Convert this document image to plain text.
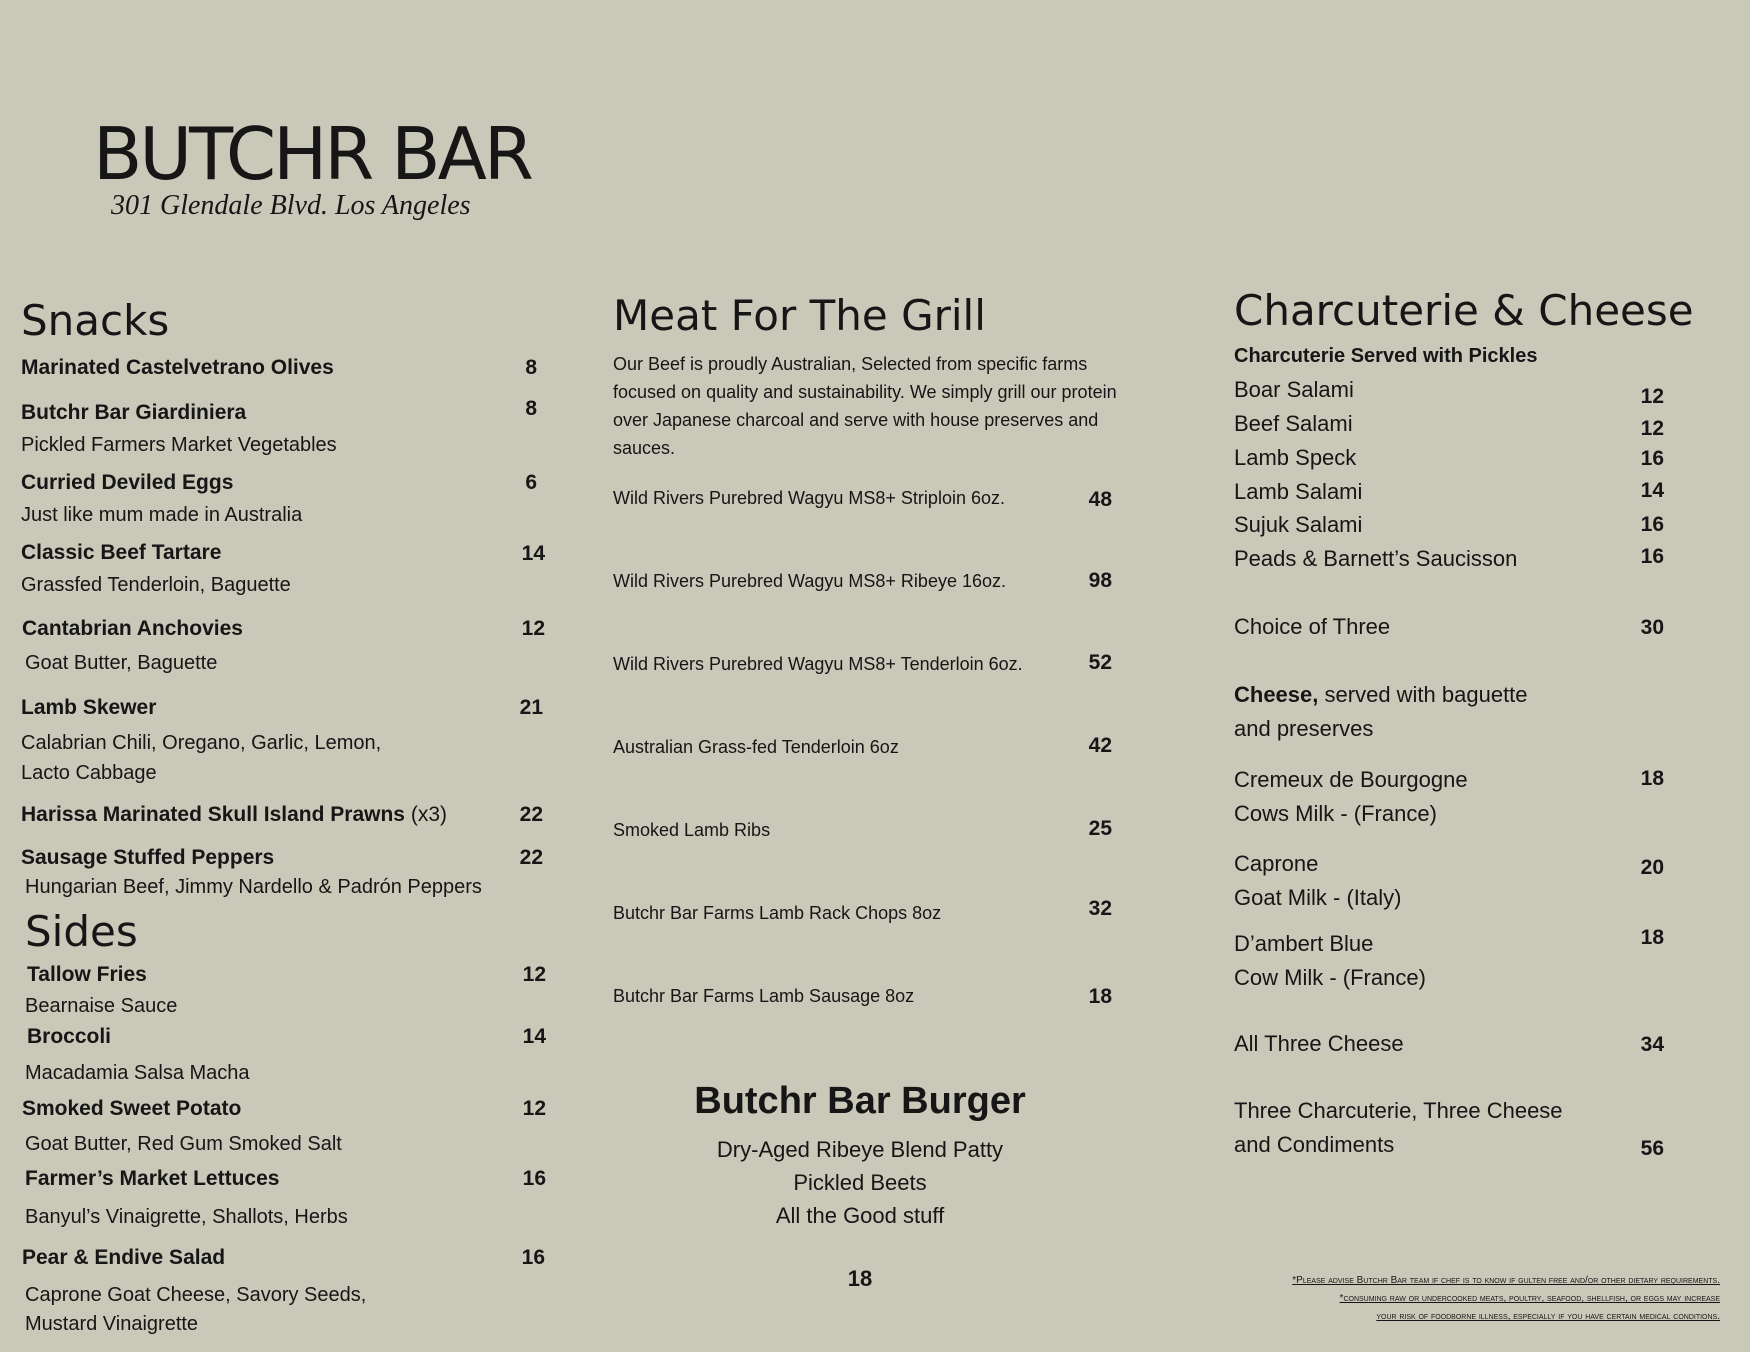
BUTCHR BAR
301 Glendale Blvd. Los Angeles
Snacks
Marinated Castelvetrano Olives	8
Butchr Bar Giardiniera	8
Pickled Farmers Market Vegetables
Curried Deviled Eggs	6
Just like mum made in Australia
Classic Beef Tartare	14
Grassfed Tenderloin, Baguette
Cantabrian Anchovies	12
Goat Butter, Baguette
Lamb Skewer	21
Calabrian Chili, Oregano, Garlic, Lemon,
Lacto Cabbage
Harissa Marinated Skull Island Prawns (x3)	22
Sausage Stuffed Peppers	22
Hungarian Beef, Jimmy Nardello & Padrón Peppers
Sides
Tallow Fries	12
Bearnaise Sauce
Broccoli	14
Macadamia Salsa Macha
Smoked Sweet Potato	12
Goat Butter, Red Gum Smoked Salt
Farmer’s Market Lettuces	16
Banyul’s Vinaigrette, Shallots, Herbs
Pear & Endive Salad	16
Caprone Goat Cheese, Savory Seeds,
Mustard Vinaigrette
Meat For The Grill
Our Beef is proudly Australian, Selected from specific farms focused on quality and sustainability. We simply grill our protein over Japanese charcoal and serve with house preserves and sauces.
Wild Rivers Purebred Wagyu MS8+ Striploin 6oz.	48
Wild Rivers Purebred Wagyu MS8+ Ribeye 16oz.	98
Wild Rivers Purebred Wagyu MS8+ Tenderloin 6oz.	52
Australian Grass-fed Tenderloin 6oz	42
Smoked Lamb Ribs	25
Butchr Bar Farms Lamb Rack Chops 8oz	32
Butchr Bar Farms Lamb Sausage 8oz	18
Butchr Bar Burger
Dry-Aged Ribeye Blend Patty
Pickled Beets
All the Good stuff
18
Charcuterie & Cheese
Charcuterie Served with Pickles
Boar Salami	12
Beef Salami	12
Lamb Speck	16
Lamb Salami	14
Sujuk Salami	16
Peads & Barnett’s Saucisson	16
Choice of Three	30
Cheese, served with baguette
and preserves
Cremeux de Bourgogne
Cows Milk - (France)
18
Caprone
Goat Milk - (Italy)
20
D’ambert Blue
Cow Milk - (France)
18
All Three Cheese	34
Three Charcuterie, Three Cheese
and Condiments	56
*Please advise Butchr Bar team if chef is to know if gulten free and/or other dietary requirements.
*consuming raw or undercooked meats, poultry, seafood, shellfish, or eggs may increase
your risk of foodborne illness, especially if you have certain medical conditions.
